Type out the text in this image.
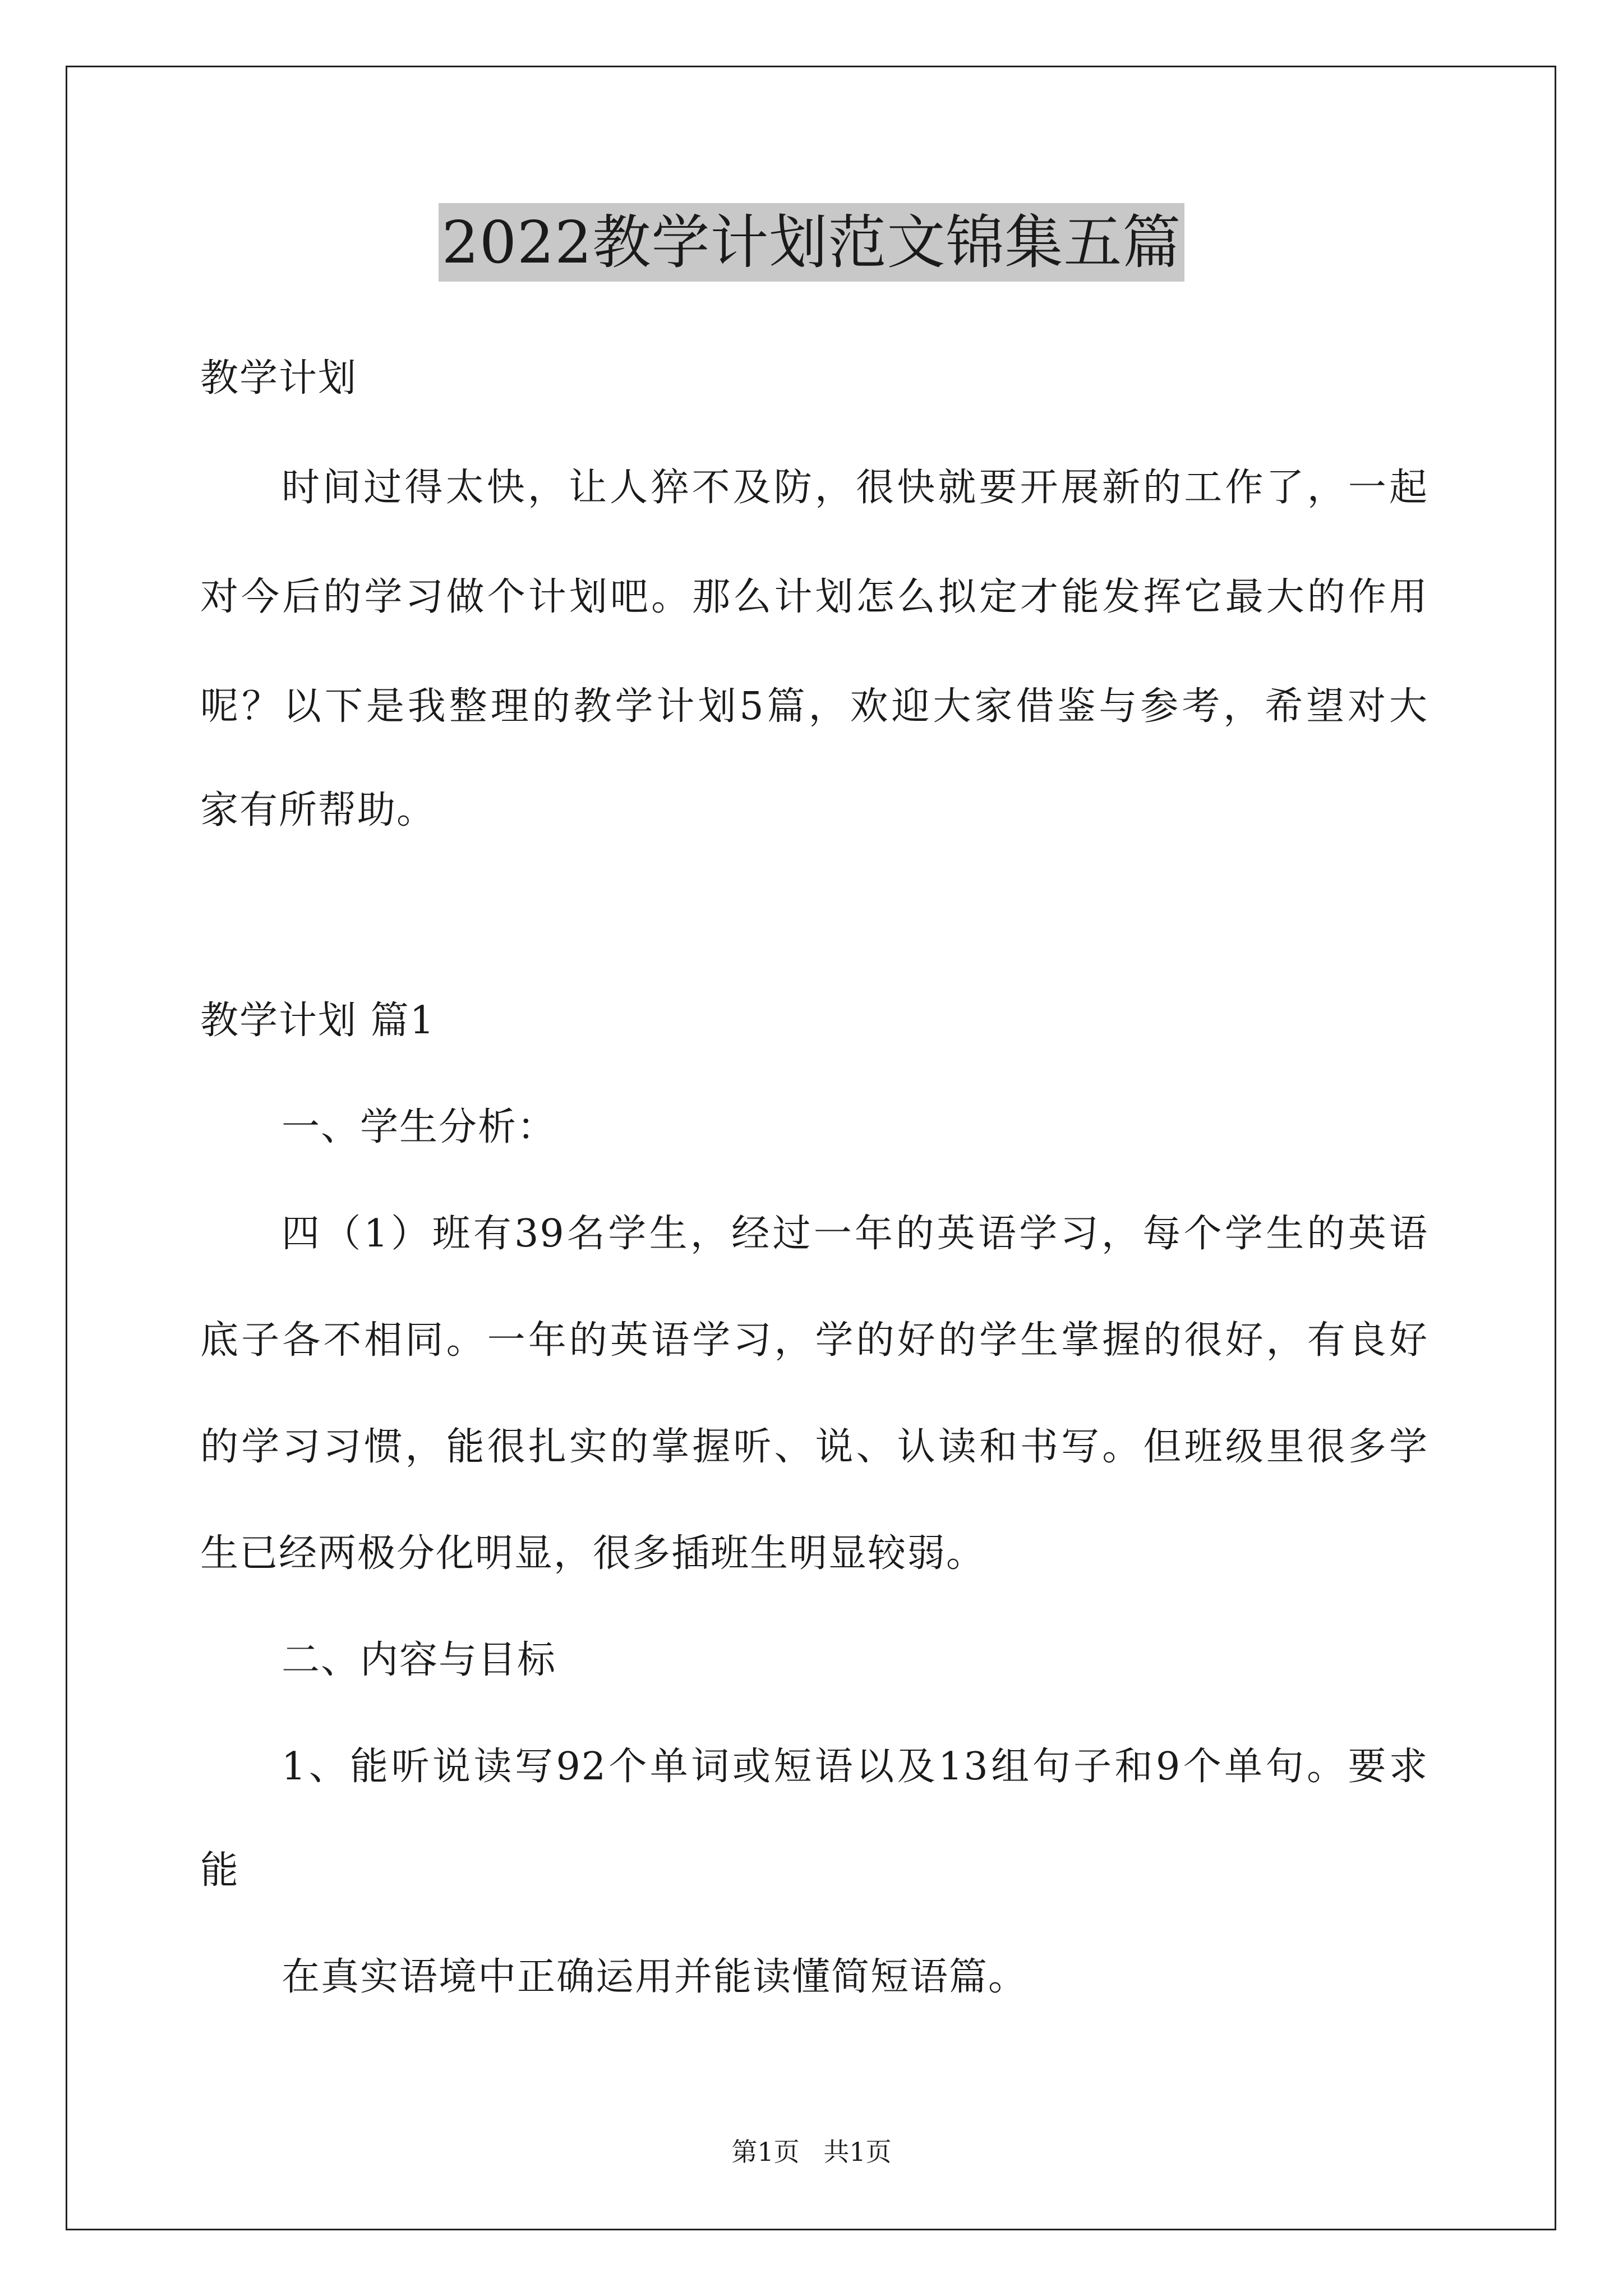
2022教学计划范文锦集五篇
教学计划
时间过得太快，让人猝不及防，很快就要开展新的工作了，一起
对今后的学习做个计划吧。那么计划怎么拟定才能发挥它最大的作用
呢？以下是我整理的教学计划5篇，欢迎大家借鉴与参考，希望对大
家有所帮助。
教学计划 篇1
一、学生分析：
四（1）班有39名学生，经过一年的英语学习，每个学生的英语
底子各不相同。一年的英语学习，学的好的学生掌握的很好，有良好
的学习习惯，能很扎实的掌握听、说、认读和书写。但班级里很多学
生已经两极分化明显，很多插班生明显较弱。
二、内容与目标
1、能听说读写92个单词或短语以及13组句子和9个单句。要求
能
在真实语境中正确运用并能读懂简短语篇。
第1页 共1页
